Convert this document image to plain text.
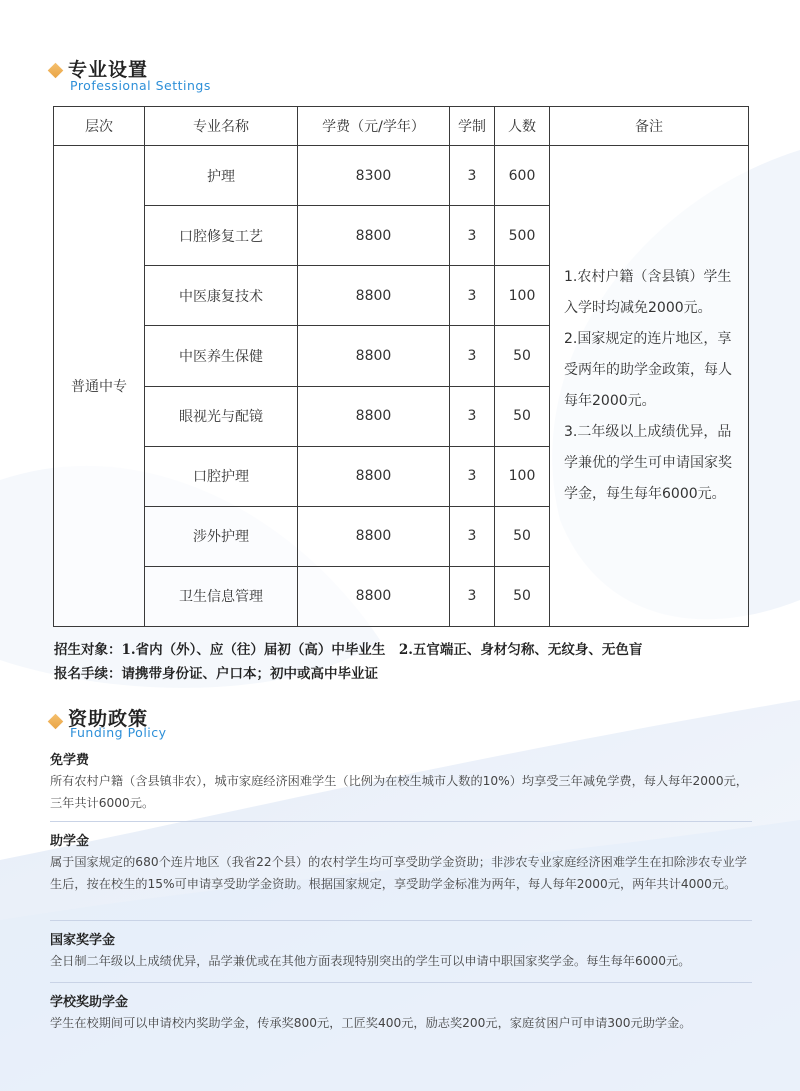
专业设置
Professional Settings
层次	专业名称	学费（元/学年）	学制	人数	备注
普通中专	护理	8300	3	600	1.农村户籍（含县镇）学生入学时均减免2000元。

2.国家规定的连片地区，享受两年的助学金政策，每人每年2000元。

3.二年级以上成绩优异，品学兼优的学生可申请国家奖学金，每生每年6000元。

	口腔修复工艺	8800	3	500	
	中医康复技术	8800	3	100	
	中医养生保健	8800	3	50	
	眼视光与配镜	8800	3	50	
	口腔护理	8800	3	100	
	涉外护理	8800	3	50	
	卫生信息管理	8800	3	50	
招生对象：1.省内（外）、应（往）届初（高）中毕业生　2.五官端正、身材匀称、无纹身、无色盲
报名手续：请携带身份证、户口本；初中或高中毕业证
资助政策
Funding Policy
免学费
所有农村户籍（含县镇非农），城市家庭经济困难学生（比例为在校生城市人数的10%）均享受三年减免学费，每人每年2000元，三年共计6000元。
助学金
属于国家规定的680个连片地区（我省22个县）的农村学生均可享受助学金资助；非涉农专业家庭经济困难学生在扣除涉农专业学生后，按在校生的15%可申请享受助学金资助。根据国家规定，享受助学金标准为两年，每人每年2000元，两年共计4000元。
国家奖学金
全日制二年级以上成绩优异，品学兼优或在其他方面表现特别突出的学生可以申请中职国家奖学金。每生每年6000元。
学校奖助学金
学生在校期间可以申请校内奖助学金，传承奖800元，工匠奖400元，励志奖200元，家庭贫困户可申请300元助学金。
